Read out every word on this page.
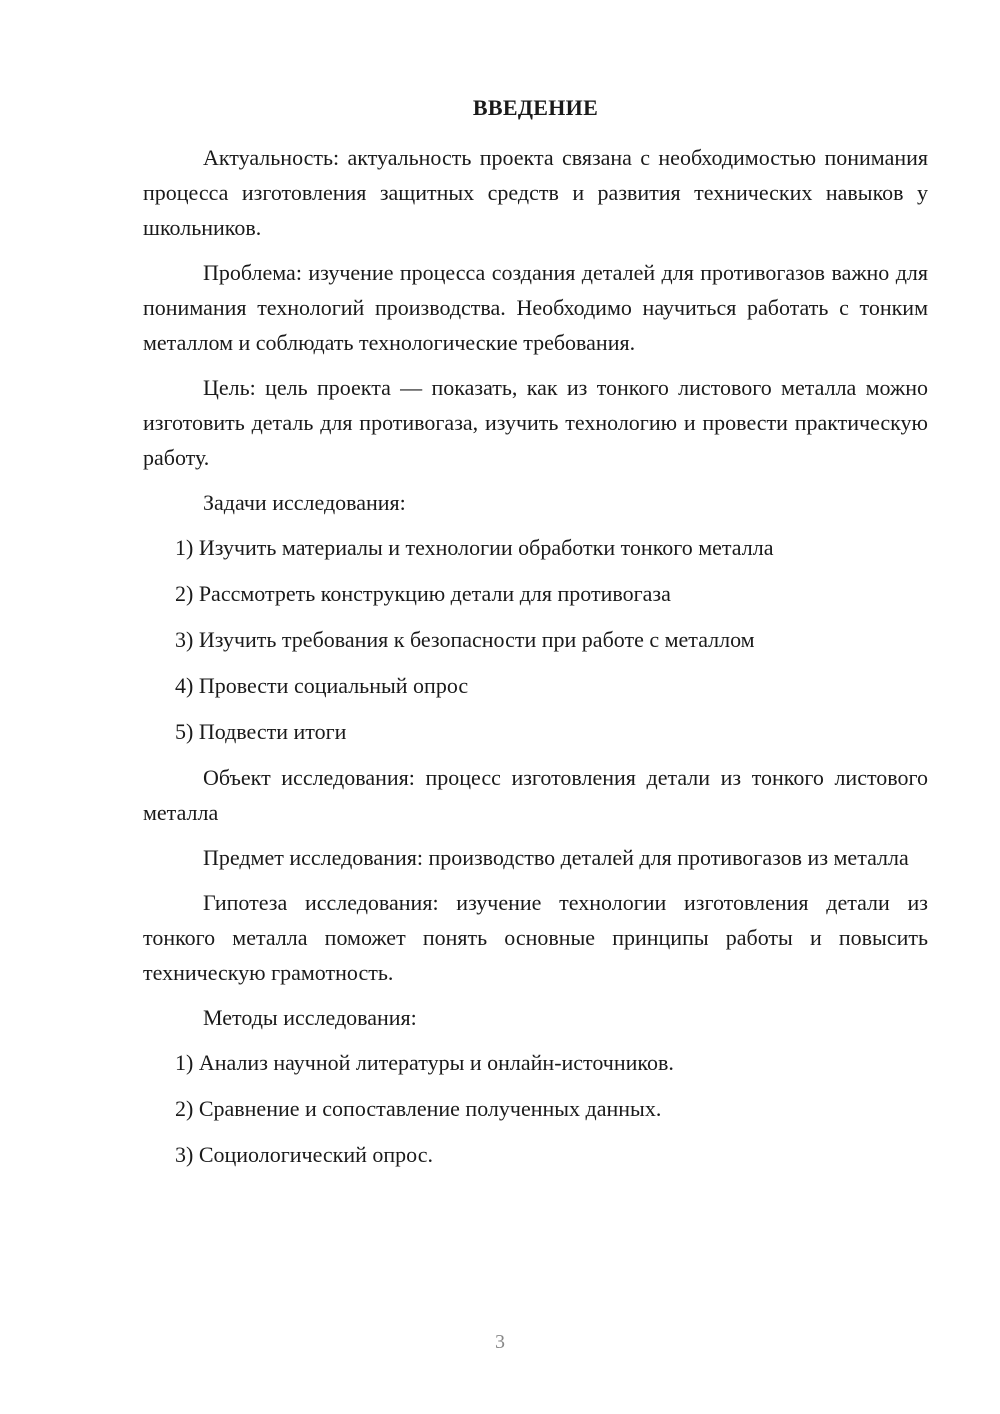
ВВЕДЕНИЕ

Актуальность: актуальность проекта связана с необходимостью понимания процесса изготовления защитных средств и развития технических навыков у школьников.

Проблема: изучение процесса создания деталей для противогазов важно для понимания технологий производства. Необходимо научиться работать с тонким металлом и соблюдать технологические требования.

Цель: цель проекта — показать, как из тонкого листового металла можно изготовить деталь для противогаза, изучить технологию и провести практическую работу.

Задачи исследования:

1) Изучить материалы и технологии обработки тонкого металла
2) Рассмотреть конструкцию детали для противогаза
3) Изучить требования к безопасности при работе с металлом
4) Провести социальный опрос
5) Подвести итоги

Объект исследования: процесс изготовления детали из тонкого листового металла

Предмет исследования: производство деталей для противогазов из металла

Гипотеза исследования: изучение технологии изготовления детали из тонкого металла поможет понять основные принципы работы и повысить техническую грамотность.

Методы исследования:

1) Анализ научной литературы и онлайн-источников.
2) Сравнение и сопоставление полученных данных.
3) Социологический опрос.
3
